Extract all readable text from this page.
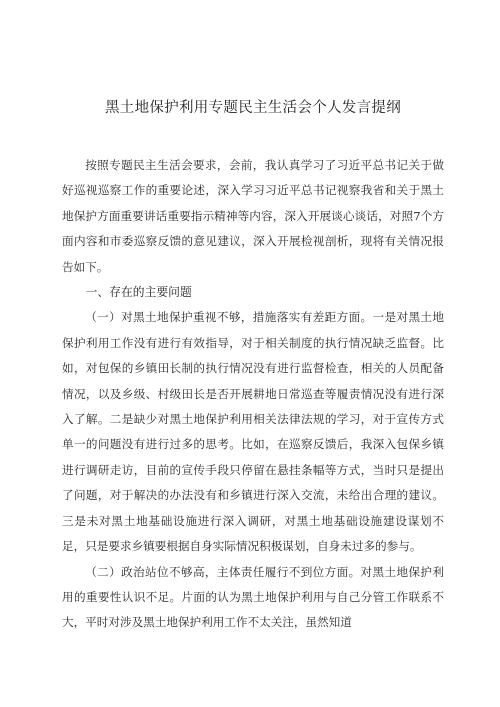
黑土地保护利用专题民主生活会个人发言提纲

按照专题民主生活会要求，会前，我认真学习了习近平总书记关于做好巡视巡察工作的重要论述，深入学习习近平总书记视察我省和关于黑土地保护方面重要讲话重要指示精神等内容，深入开展谈心谈话，对照7个方面内容和市委巡察反馈的意见建议，深入开展检视剖析，现将有关情况报告如下。

一、存在的主要问题

（一）对黑土地保护重视不够，措施落实有差距方面。一是对黑土地保护利用工作没有进行有效指导，对于相关制度的执行情况缺乏监督。比如，对包保的乡镇田长制的执行情况没有进行监督检查，相关的人员配备情况，以及乡级、村级田长是否开展耕地日常巡查等履责情况没有进行深入了解。二是缺少对黑土地保护利用相关法律法规的学习，对于宣传方式单一的问题没有进行过多的思考。比如，在巡察反馈后，我深入包保乡镇进行调研走访，目前的宣传手段只停留在悬挂条幅等方式，当时只是提出了问题，对于解决的办法没有和乡镇进行深入交流，未给出合理的建议。三是未对黑土地基础设施进行深入调研，对黑土地基础设施建设谋划不足，只是要求乡镇要根据自身实际情况积极谋划，自身未过多的参与。

（二）政治站位不够高，主体责任履行不到位方面。对黑土地保护利用的重要性认识不足。片面的认为黑土地保护利用与自己分管工作联系不大，平时对涉及黑土地保护利用工作不太关注，虽然知道
